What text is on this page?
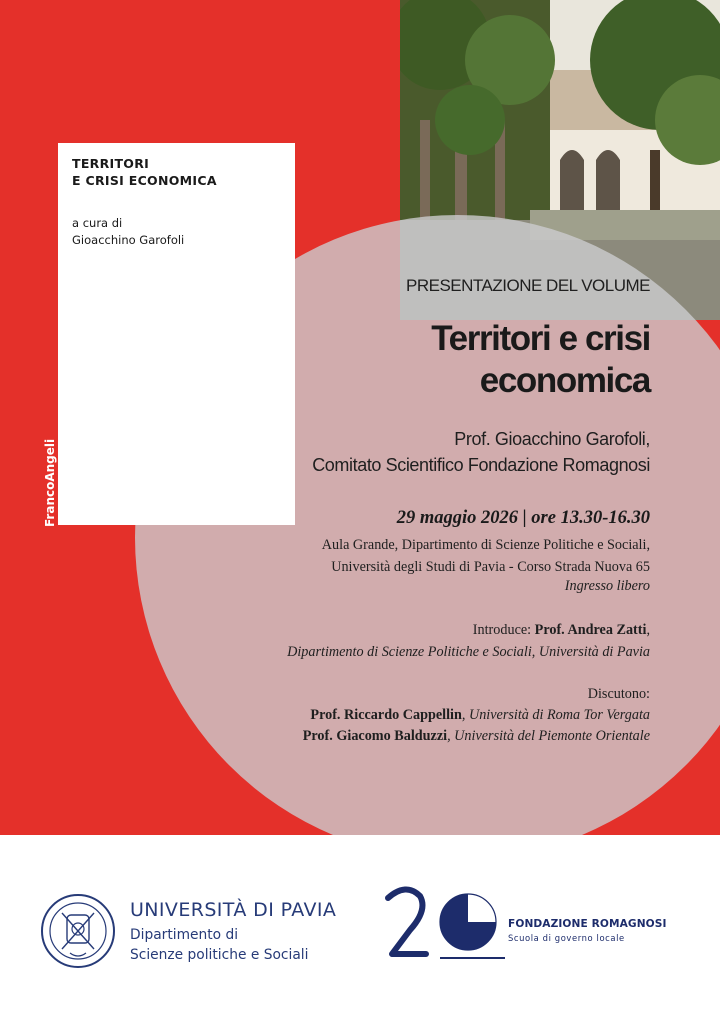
TERRITORI
E CRISI ECONOMICA
a cura di
Gioacchino Garofoli
FrancoAngeli
PRESENTAZIONE DEL VOLUME
Territori e crisi
economica
Prof. Gioacchino Garofoli,
Comitato Scientifico Fondazione Romagnosi
29 maggio 2026 | ore 13.30-16.30
Aula Grande, Dipartimento di Scienze Politiche e Sociali,
Università degli Studi di Pavia - Corso Strada Nuova 65
Ingresso libero
Introduce: Prof. Andrea Zatti,
Dipartimento di Scienze Politiche e Sociali, Università di Pavia
Discutono:
Prof. Riccardo Cappellin, Università di Roma Tor Vergata
Prof. Giacomo Balduzzi, Università del Piemonte Orientale
UNIVERSITÀ DI PAVIA
Dipartimento di
Scienze politiche e Sociali
FONDAZIONE ROMAGNOSI
Scuola di governo locale
